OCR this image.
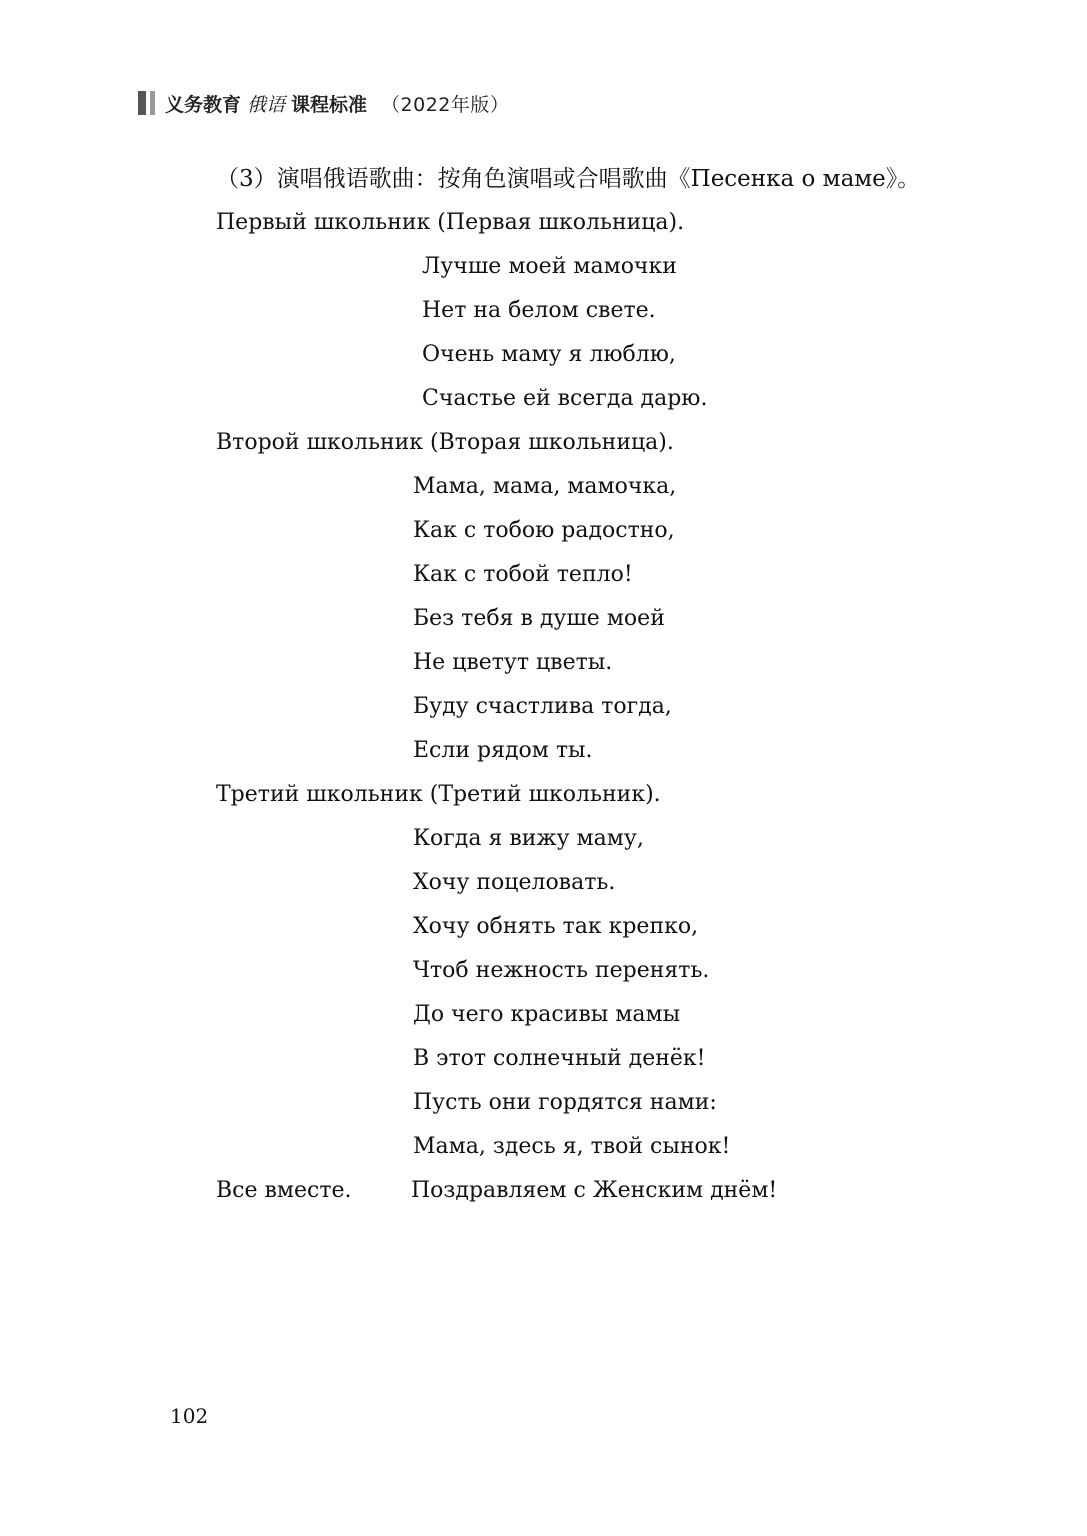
义务教育 俄语 课程标准 （2022年版）
（3）演唱俄语歌曲：按角色演唱或合唱歌曲《Песенка о маме》。
Первый школьник (Первая школьница).
Лучше моей мамочки
Нет на белом свете.
Очень маму я люблю,
Счастье ей всегда дарю.
Второй школьник (Вторая школьница).
Мама, мама, мамочка,
Как с тобою радостно,
Как с тобой тепло!
Без тебя в душе моей
Не цветут цветы.
Буду счастлива тогда,
Если рядом ты.
Третий школьник (Третий школьник).
Когда я вижу маму,
Хочу поцеловать.
Хочу обнять так крепко,
Чтоб нежность перенять.
До чего красивы мамы
В этот солнечный денёк!
Пусть они гордятся нами:
Мама, здесь я, твой сынок!
Все вместе.	Поздравляем с Женским днём!
102
